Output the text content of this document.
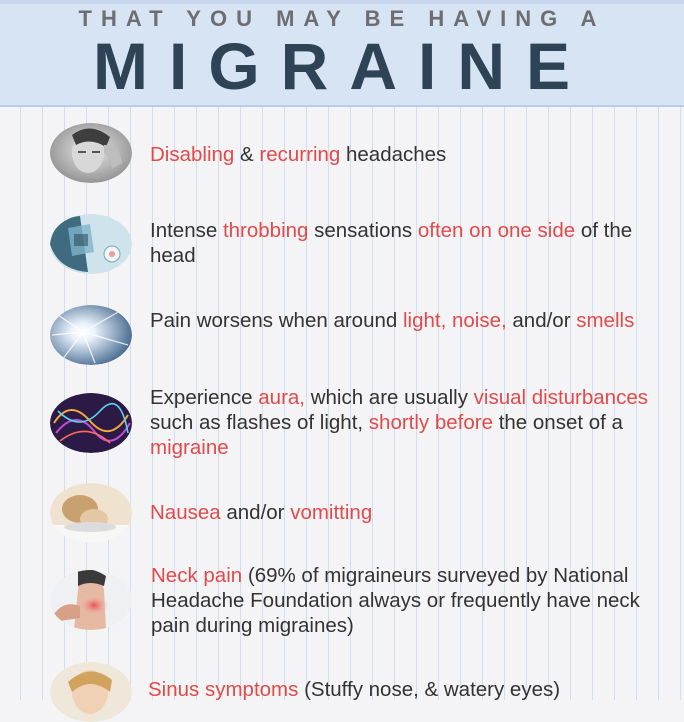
THAT YOU MAY BE HAVING A
MIGRAINE
Disabling & recurring headaches
Intense throbbing sensations often on one side of the head
Pain worsens when around light, noise, and/or smells
Experience aura, which are usually visual disturbances such as flashes of light, shortly before the onset of a migraine
Nausea and/or vomitting
Neck pain (69% of migraineurs surveyed by National Headache Foundation always or frequently have neck pain during migraines)
Sinus symptoms (Stuffy nose, & watery eyes)
